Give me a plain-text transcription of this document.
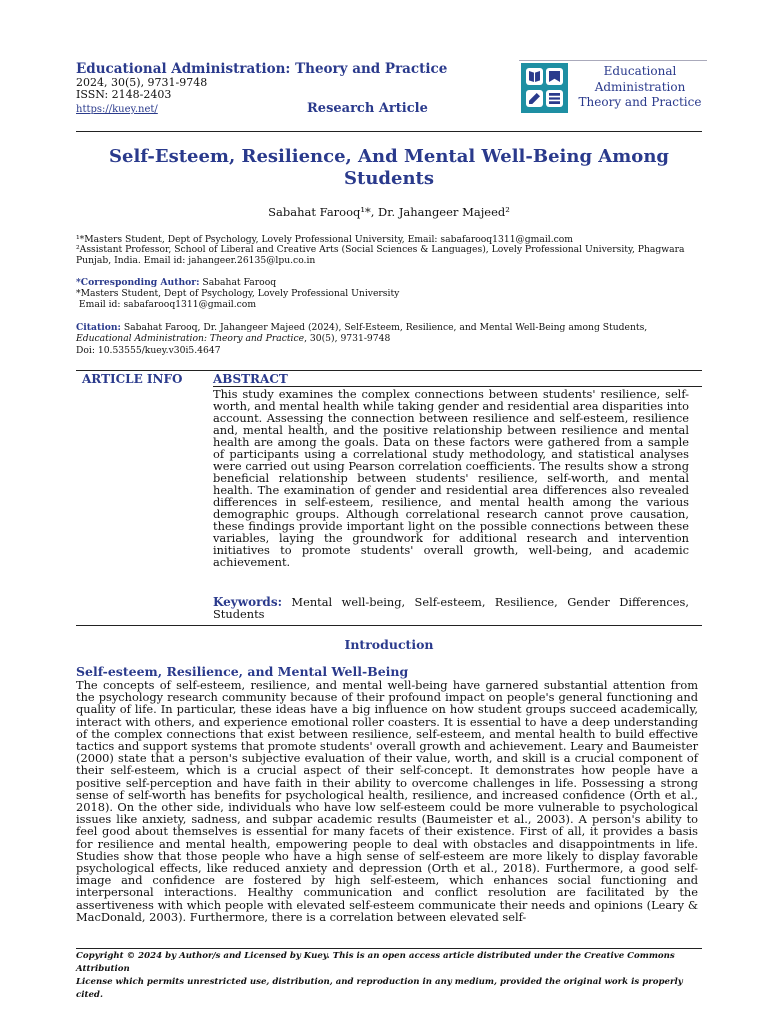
Educational Administration: Theory and Practice
2024, 30(5), 9731-9748
ISSN: 2148-2403
https://kuey.net/	Research Article
Educational
Administration
Theory and Practice
Self-Esteem, Resilience, And Mental Well-Being Among
Students
Sabahat Farooq¹*, Dr. Jahangeer Majeed²
¹*Masters Student, Dept of Psychology, Lovely Professional University, Email: sabafarooq1311@gmail.com
²Assistant Professor, School of Liberal and Creative Arts (Social Sciences & Languages), Lovely Professional University, Phagwara Punjab, India. Email id: jahangeer.26135@lpu.co.in
*Corresponding Author: Sabahat Farooq
*Masters Student, Dept of Psychology, Lovely Professional University
Email id: sabafarooq1311@gmail.com
Citation: Sabahat Farooq, Dr. Jahangeer Majeed (2024), Self-Esteem, Resilience, and Mental Well-Being among Students, Educational Administration: Theory and Practice, 30(5), 9731-9748
Doi: 10.53555/kuey.v30i5.4647
ARTICLE INFO	ABSTRACT
This study examines the complex connections between students' resilience, self-worth, and mental health while taking gender and residential area disparities into account. Assessing the connection between resilience and self-esteem, resilience and, mental health, and the positive relationship between resilience and mental health are among the goals. Data on these factors were gathered from a sample of participants using a correlational study methodology, and statistical analyses were carried out using Pearson correlation coefficients. The results show a strong beneficial relationship between students' resilience, self-worth, and mental health. The examination of gender and residential area differences also revealed differences in self-esteem, resilience, and mental health among the various demographic groups. Although correlational research cannot prove causation, these findings provide important light on the possible connections between these variables, laying the groundwork for additional research and intervention initiatives to promote students' overall growth, well-being, and academic achievement.
Keywords: Mental well-being, Self-esteem, Resilience, Gender Differences, Students
Introduction
Self-esteem, Resilience, and Mental Well-Being
The concepts of self-esteem, resilience, and mental well-being have garnered substantial attention from the psychology research community because of their profound impact on people's general functioning and quality of life. In particular, these ideas have a big influence on how student groups succeed academically, interact with others, and experience emotional roller coasters. It is essential to have a deep understanding of the complex connections that exist between resilience, self-esteem, and mental health to build effective tactics and support systems that promote students' overall growth and achievement. Leary and Baumeister (2000) state that a person's subjective evaluation of their value, worth, and skill is a crucial component of their self-esteem, which is a crucial aspect of their self-concept. It demonstrates how people have a positive self-perception and have faith in their ability to overcome challenges in life. Possessing a strong sense of self-worth has benefits for psychological health, resilience, and increased confidence (Orth et al., 2018). On the other side, individuals who have low self-esteem could be more vulnerable to psychological issues like anxiety, sadness, and subpar academic results (Baumeister et al., 2003). A person's ability to feel good about themselves is essential for many facets of their existence. First of all, it provides a basis for resilience and mental health, empowering people to deal with obstacles and disappointments in life. Studies show that those people who have a high sense of self-esteem are more likely to display favorable psychological effects, like reduced anxiety and depression (Orth et al., 2018). Furthermore, a good self-image and confidence are fostered by high self-esteem, which enhances social functioning and interpersonal interactions. Healthy communication and conflict resolution are facilitated by the assertiveness with which people with elevated self-esteem communicate their needs and opinions (Leary & MacDonald, 2003). Furthermore, there is a correlation between elevated self-
Copyright © 2024 by Author/s and Licensed by Kuey. This is an open access article distributed under the Creative Commons Attribution
License which permits unrestricted use, distribution, and reproduction in any medium, provided the original work is properly cited.
